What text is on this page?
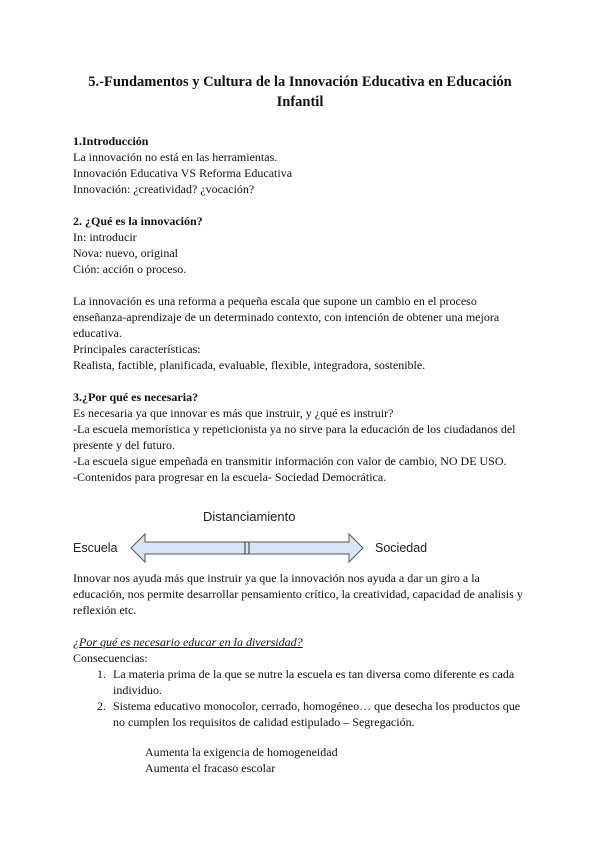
5.-Fundamentos y Cultura de la Innovación Educativa en Educación
Infantil

1.Introducción

La innovación no está en las herramientas.

Innovación Educativa VS Reforma Educativa

Innovación: ¿creatividad? ¿vocación?

2. ¿Qué es la innovación?

In: introducir

Nova: nuevo, original

Ción: acción o proceso.

La innovación es una reforma a pequeña escala que supone un cambio en el proceso enseñanza-aprendizaje de un determinado contexto, con intención de obtener una mejora educativa.

Principales características:

Realista, factible, planificada, evaluable, flexible, integradora, sostenible.

3.¿Por qué es necesaria?

Es necesaria ya que innovar es más que instruir, y ¿qué es instruir?

-La escuela memorística y repeticionista ya no sirve para la educación de los ciudadanos del

presente y del futuro.

-La escuela sigue empeñada en transmitir información con valor de cambio, NO DE USO.

-Contenidos para progresar en la escuela- Sociedad Democrática.

Distanciamiento
Escuela	Sociedad

Innovar nos ayuda más que instruir ya que la innovación nos ayuda a dar un giro a la educación, nos permite desarrollar pensamiento crítico, la creatividad, capacidad de analisis y reflexión etc.

¿Por qué es necesario educar en la diversidad?

Consecuencias:

1. La materia prima de la que se nutre la escuela es tan diversa como diferente es cada individuo.
2. Sistema educativo monocolor, cerrado, homogéneo… que desecha los productos que no cumplen los requisitos de calidad estipulado – Segregación.

Aumenta la exigencia de homogeneidad

Aumenta el fracaso escolar
